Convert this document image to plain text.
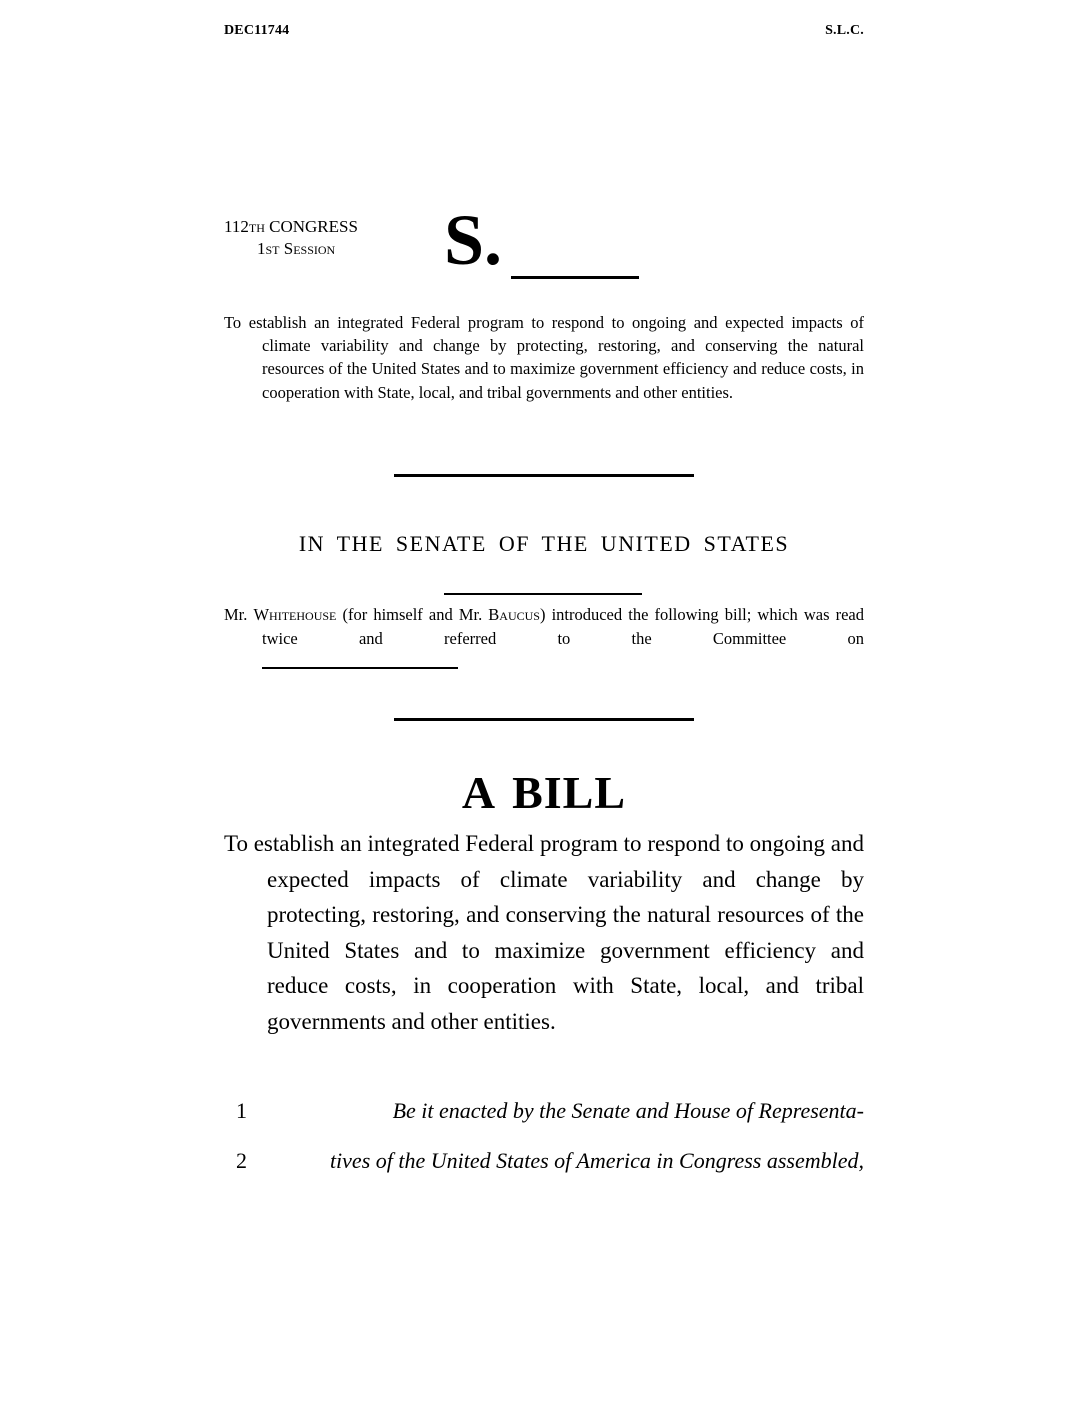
DEC11744	S.L.C.
112th CONGRESS
1st Session	S.
To establish an integrated Federal program to respond to ongoing and expected impacts of climate variability and change by protecting, restoring, and conserving the natural resources of the United States and to maximize government efficiency and reduce costs, in cooperation with State, local, and tribal governments and other entities.
IN THE SENATE OF THE UNITED STATES
Mr. Whitehouse (for himself and Mr. Baucus) introduced the following bill; which was read twice and referred to the Committee on
A BILL
To establish an integrated Federal program to respond to ongoing and expected impacts of climate variability and change by protecting, restoring, and conserving the natural resources of the United States and to maximize government efficiency and reduce costs, in cooperation with State, local, and tribal governments and other entities.
1	Be it enacted by the Senate and House of Representa-
2	tives of the United States of America in Congress assembled,
